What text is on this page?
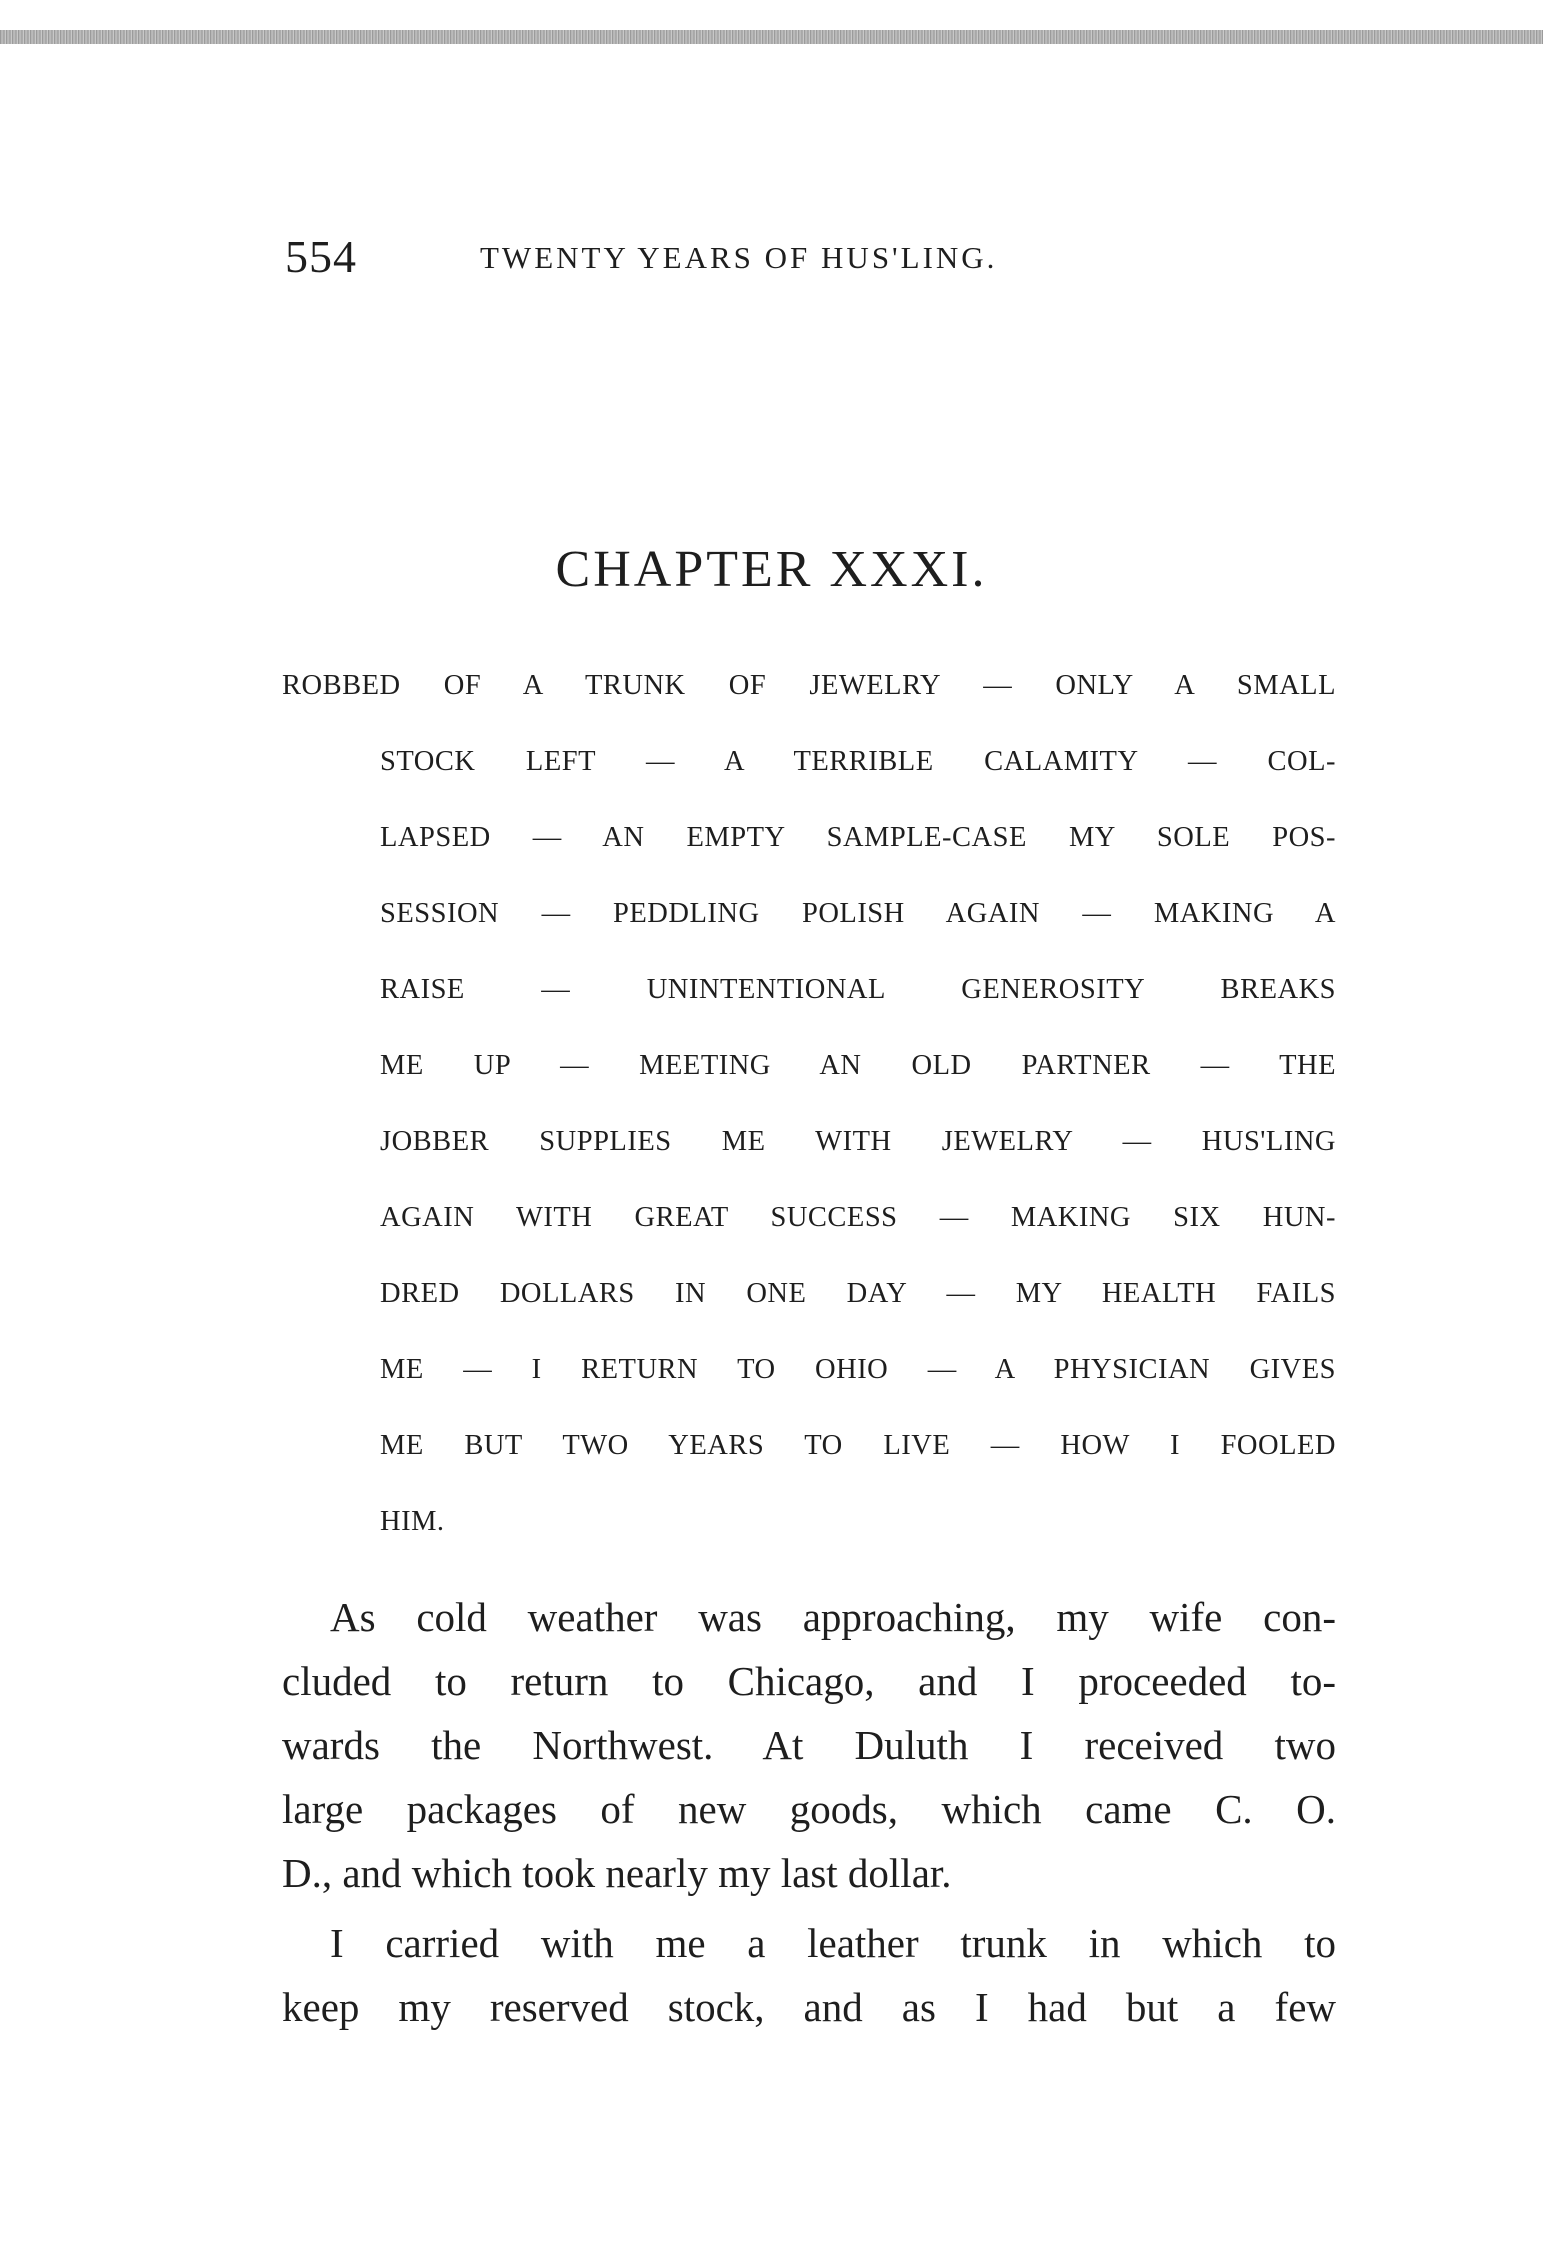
554	TWENTY YEARS OF HUS'LING.
CHAPTER XXXI.
ROBBED OF A TRUNK OF JEWELRY — ONLY A SMALL
STOCK LEFT — A TERRIBLE CALAMITY — COL-
LAPSED — AN EMPTY SAMPLE-CASE MY SOLE POS-
SESSION — PEDDLING POLISH AGAIN — MAKING A
RAISE — UNINTENTIONAL GENEROSITY BREAKS
ME UP — MEETING AN OLD PARTNER — THE
JOBBER SUPPLIES ME WITH JEWELRY — HUS'LING
AGAIN WITH GREAT SUCCESS — MAKING SIX HUN-
DRED DOLLARS IN ONE DAY — MY HEALTH FAILS
ME — I RETURN TO OHIO — A PHYSICIAN GIVES
ME BUT TWO YEARS TO LIVE — HOW I FOOLED
HIM.
As cold weather was approaching, my wife con-
cluded to return to Chicago, and I proceeded to-
wards the Northwest. At Duluth I received two
large packages of new goods, which came C. O.
D., and which took nearly my last dollar.
I carried with me a leather trunk in which to
keep my reserved stock, and as I had but a few
